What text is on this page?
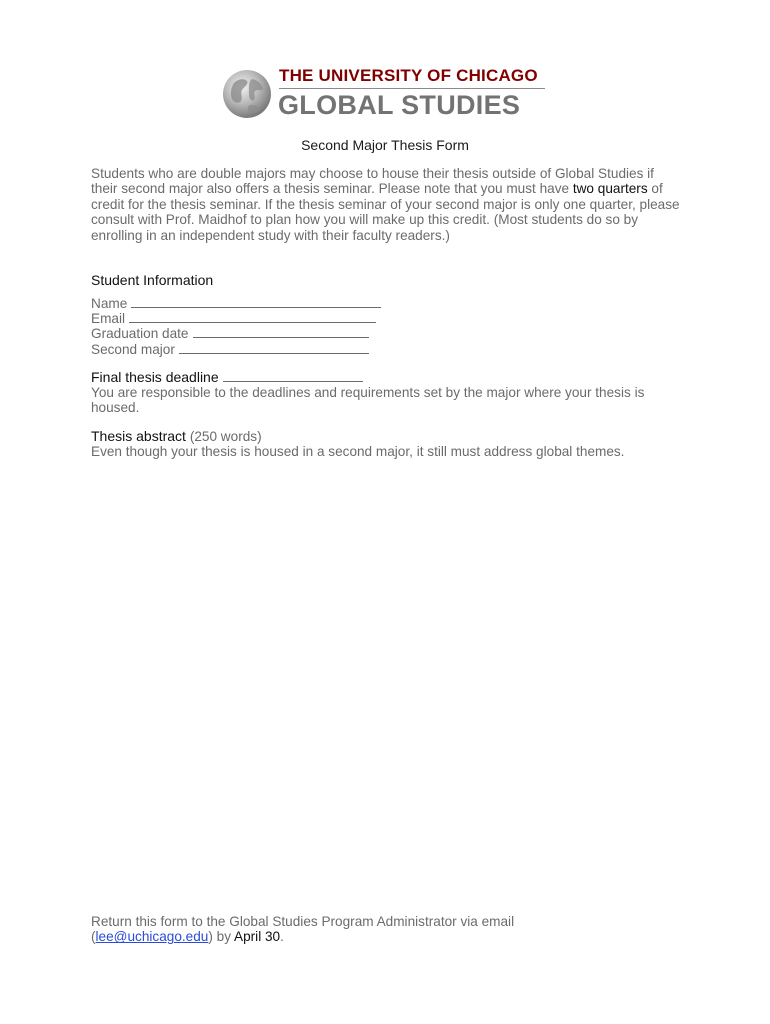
THE UNIVERSITY OF CHICAGO
GLOBAL STUDIES
Second Major Thesis Form
Students who are double majors may choose to house their thesis outside of Global Studies if their second major also offers a thesis seminar. Please note that you must have two quarters of credit for the thesis seminar. If the thesis seminar of your second major is only one quarter, please consult with Prof. Maidhof to plan how you will make up this credit. (Most students do so by enrolling in an independent study with their faculty readers.)
Student Information
Name
Email
Graduation date
Second major
Final thesis deadline
You are responsible to the deadlines and requirements set by the major where your thesis is housed.
Thesis abstract (250 words)
Even though your thesis is housed in a second major, it still must address global themes.
Return this form to the Global Studies Program Administrator via email
(lee@uchicago.edu) by April 30.
